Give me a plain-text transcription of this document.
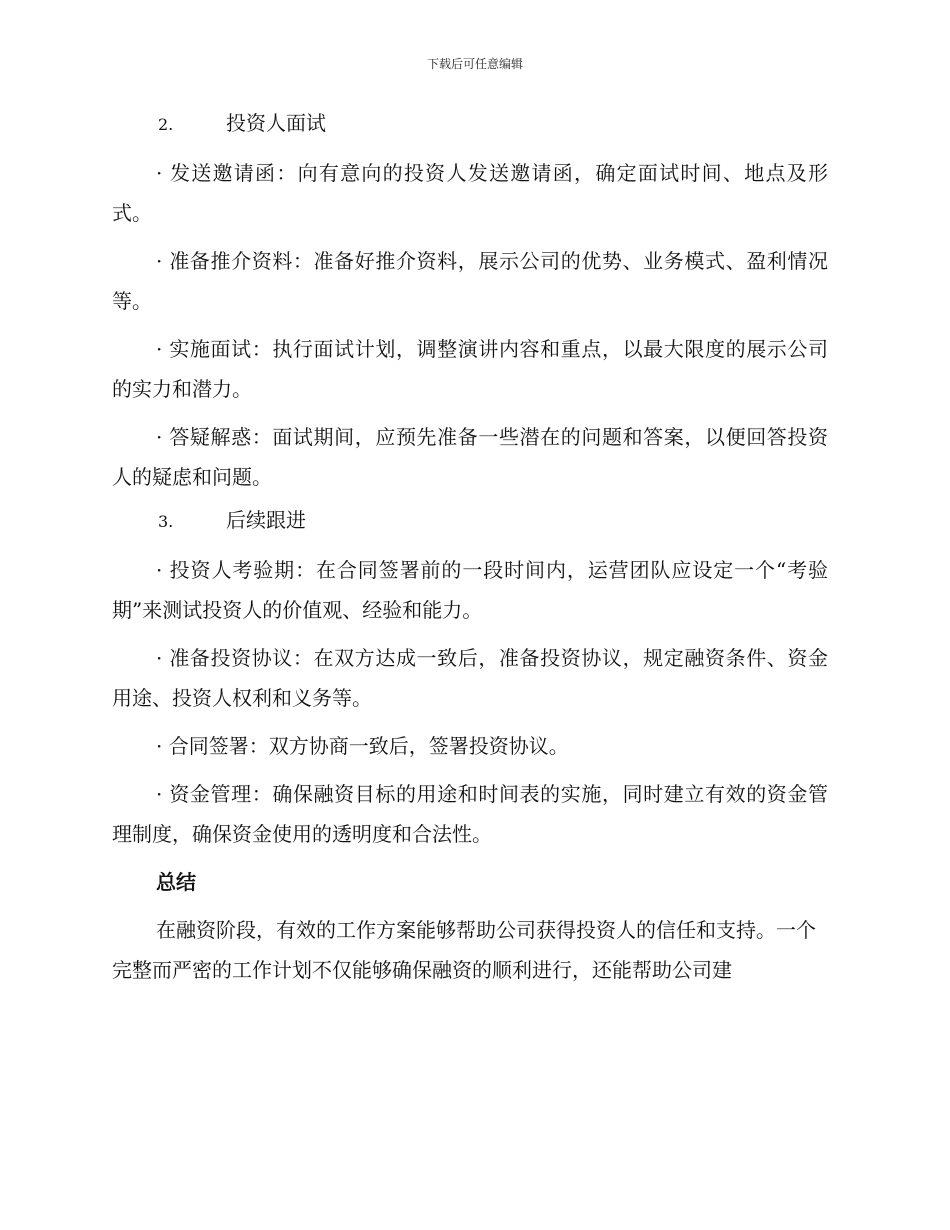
下载后可任意编辑
2.	投资人面试
· 发送邀请函：向有意向的投资人发送邀请函，确定面试时间、地点及形式。
· 准备推介资料：准备好推介资料，展示公司的优势、业务模式、盈利情况等。
· 实施面试：执行面试计划，调整演讲内容和重点，以最大限度的展示公司的实力和潜力。
· 答疑解惑：面试期间，应预先准备一些潜在的问题和答案，以便回答投资人的疑虑和问题。
3.	后续跟进
· 投资人考验期：在合同签署前的一段时间内，运营团队应设定一个“考验期”来测试投资人的价值观、经验和能力。
· 准备投资协议：在双方达成一致后，准备投资协议，规定融资条件、资金用途、投资人权利和义务等。
· 合同签署：双方协商一致后，签署投资协议。
· 资金管理：确保融资目标的用途和时间表的实施，同时建立有效的资金管理制度，确保资金使用的透明度和合法性。
总结
在融资阶段，有效的工作方案能够帮助公司获得投资人的信任和支持。一个完整而严密的工作计划不仅能够确保融资的顺利进行，还能帮助公司建
